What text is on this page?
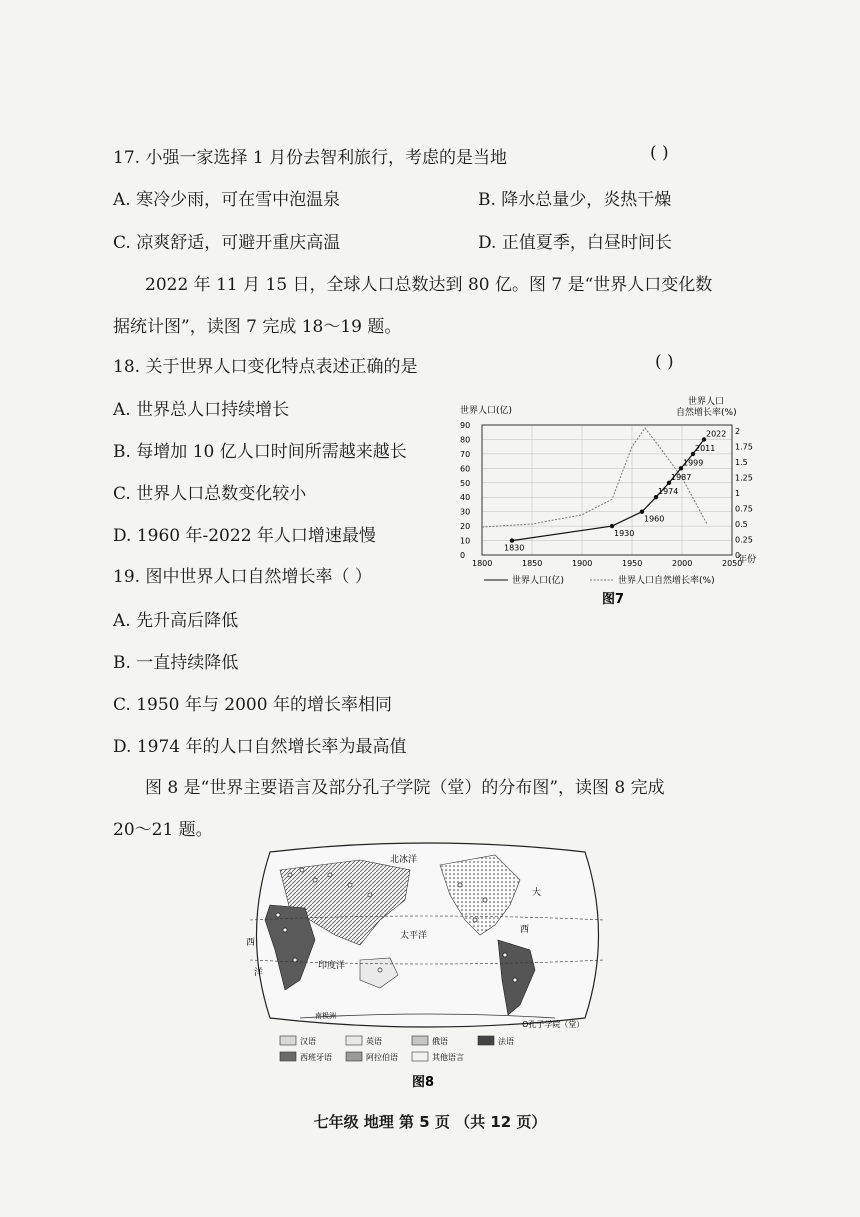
17. 小强一家选择 1 月份去智利旅行，考虑的是当地	( )
A. 寒冷少雨，可在雪中泡温泉	B. 降水总量少，炎热干燥
C. 凉爽舒适，可避开重庆高温	D. 正值夏季，白昼时间长
2022 年 11 月 15 日，全球人口总数达到 80 亿。图 7 是“世界人口变化数
据统计图”，读图 7 完成 18～19 题。
18. 关于世界人口变化特点表述正确的是	( )
A. 世界总人口持续增长
B. 每增加 10 亿人口时间所需越来越长
C. 世界人口总数变化较小
D. 1960 年-2022 年人口增速最慢
19. 图中世界人口自然增长率（ ）
A. 先升高后降低
B. 一直持续降低
C. 1950 年与 2000 年的增长率相同
D. 1974 年的人口自然增长率为最高值
图 8 是“世界主要语言及部分孔子学院（堂）的分布图”，读图 8 完成
20～21 题。
世界人口(亿)
世界人口
自然增长率(%)
年份
0
10
20
30
40
50
60
70
80
90
0
0.25
0.5
0.75
1
1.25
1.5
1.75
2
1800	1850	1900	1950	2000	2050
1830
1930
1960
1974
1987
1999
2011
2022
世界人口(亿)	世界人口自然增长率(%)
图7
北冰洋
太平洋
印度洋
西
洋
西
大
南极洲
O孔子学院（堂）
汉语	英语	俄语	法语
西班牙语	阿拉伯语	其他语言
图8
七年级 地理 第 5 页 （共 12 页）
